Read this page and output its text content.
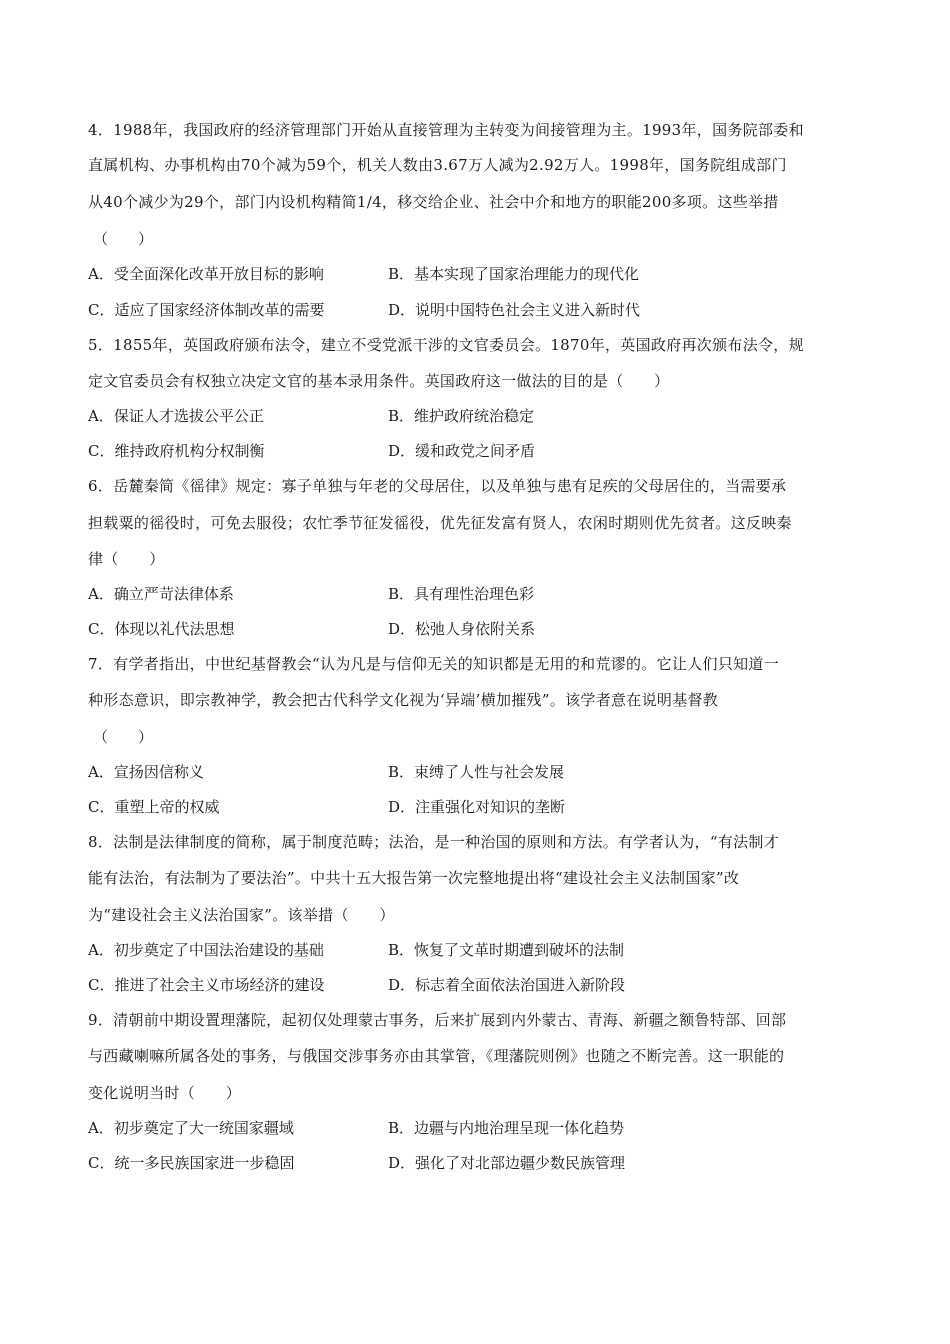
4．1988年，我国政府的经济管理部门开始从直接管理为主转变为间接管理为主。1993年，国务院部委和
直属机构、办事机构由70个减为59个，机关人数由3.67万人减为2.92万人。1998年，国务院组成部门
从40个减少为29个，部门内设机构精简1/4，移交给企业、社会中介和地方的职能200多项。这些举措
（　　）
A．受全面深化改革开放目标的影响	B．基本实现了国家治理能力的现代化
C．适应了国家经济体制改革的需要	D．说明中国特色社会主义进入新时代
5．1855年，英国政府颁布法令，建立不受党派干涉的文官委员会。1870年，英国政府再次颁布法令，规
定文官委员会有权独立决定文官的基本录用条件。英国政府这一做法的目的是（　　）
A．保证人才选拔公平公正	B．维护政府统治稳定
C．维持政府机构分权制衡	D．缓和政党之间矛盾
6．岳麓秦简《徭律》规定：寡子单独与年老的父母居住，以及单独与患有足疾的父母居住的，当需要承
担载粟的徭役时，可免去服役；农忙季节征发徭役，优先征发富有贤人，农闲时期则优先贫者。这反映秦
律（　　）
A．确立严苛法律体系	B．具有理性治理色彩
C．体现以礼代法思想	D．松弛人身依附关系
7．有学者指出，中世纪基督教会“认为凡是与信仰无关的知识都是无用的和荒谬的。它让人们只知道一
种形态意识，即宗教神学，教会把古代科学文化视为‘异端’横加摧残”。该学者意在说明基督教
（　　）
A．宣扬因信称义	B．束缚了人性与社会发展
C．重塑上帝的权威	D．注重强化对知识的垄断
8．法制是法律制度的简称，属于制度范畴；法治，是一种治国的原则和方法。有学者认为，“有法制才
能有法治，有法制为了要法治”。中共十五大报告第一次完整地提出将“建设社会主义法制国家”改
为“建设社会主义法治国家”。该举措（　　）
A．初步奠定了中国法治建设的基础	B．恢复了文革时期遭到破坏的法制
C．推进了社会主义市场经济的建设	D．标志着全面依法治国进入新阶段
9．清朝前中期设置理藩院，起初仅处理蒙古事务，后来扩展到内外蒙古、青海、新疆之额鲁特部、回部
与西藏喇嘛所属各处的事务，与俄国交涉事务亦由其掌管，《理藩院则例》也随之不断完善。这一职能的
变化说明当时（　　）
A．初步奠定了大一统国家疆域	B．边疆与内地治理呈现一体化趋势
C．统一多民族国家进一步稳固	D．强化了对北部边疆少数民族管理
